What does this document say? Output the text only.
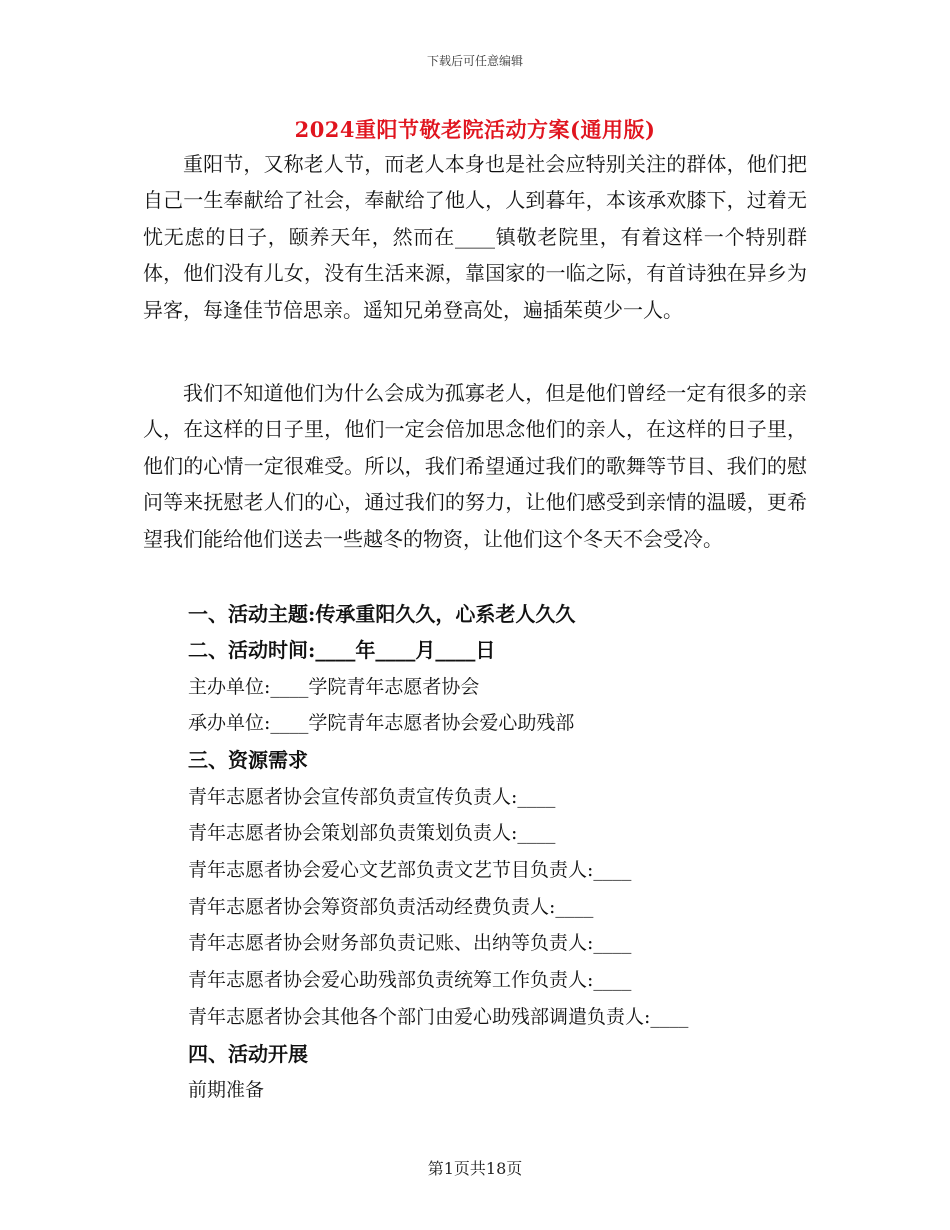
下载后可任意编辑
2024重阳节敬老院活动方案(通用版)

重阳节，又称老人节，而老人本身也是社会应特别关注的群体，他们把自己一生奉献给了社会，奉献给了他人，人到暮年，本该承欢膝下，过着无忧无虑的日子，颐养天年，然而在____镇敬老院里，有着这样一个特别群体，他们没有儿女，没有生活来源，靠国家的一临之际，有首诗独在异乡为异客，每逢佳节倍思亲。遥知兄弟登高处，遍插茱萸少一人。

我们不知道他们为什么会成为孤寡老人，但是他们曾经一定有很多的亲人，在这样的日子里，他们一定会倍加思念他们的亲人，在这样的日子里，他们的心情一定很难受。所以，我们希望通过我们的歌舞等节目、我们的慰问等来抚慰老人们的心，通过我们的努力，让他们感受到亲情的温暖，更希望我们能给他们送去一些越冬的物资，让他们这个冬天不会受冷。

一、活动主题:传承重阳久久，心系老人久久
二、活动时间:____年____月____日
主办单位:____学院青年志愿者协会
承办单位:____学院青年志愿者协会爱心助残部
三、资源需求
青年志愿者协会宣传部负责宣传负责人:____
青年志愿者协会策划部负责策划负责人:____
青年志愿者协会爱心文艺部负责文艺节目负责人:____
青年志愿者协会筹资部负责活动经费负责人:____
青年志愿者协会财务部负责记账、出纳等负责人:____
青年志愿者协会爱心助残部负责统筹工作负责人:____
青年志愿者协会其他各个部门由爱心助残部调遣负责人:____
四、活动开展
前期准备
第1页共18页
